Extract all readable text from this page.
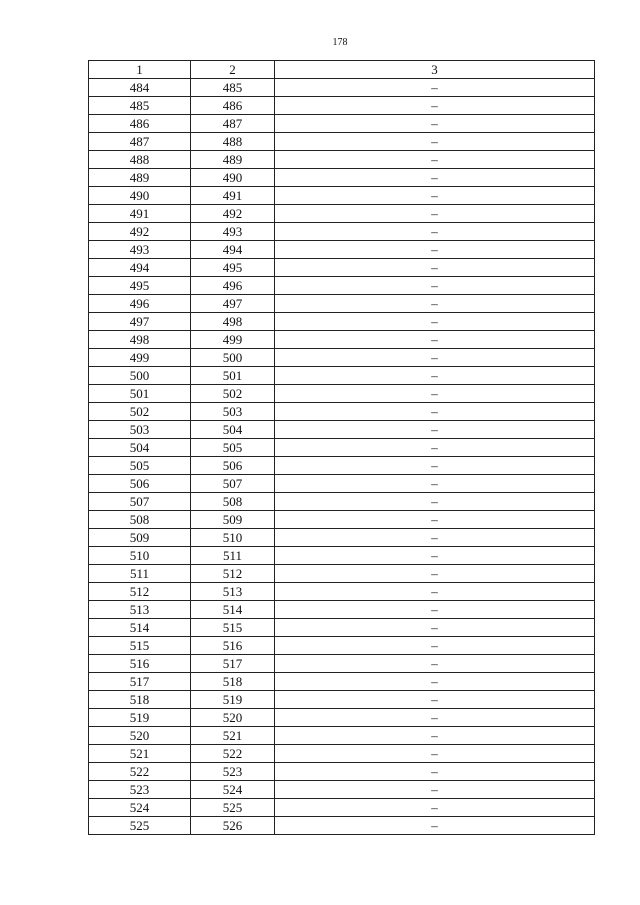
178
1	2	3
484	485	–
485	486	–
486	487	–
487	488	–
488	489	–
489	490	–
490	491	–
491	492	–
492	493	–
493	494	–
494	495	–
495	496	–
496	497	–
497	498	–
498	499	–
499	500	–
500	501	–
501	502	–
502	503	–
503	504	–
504	505	–
505	506	–
506	507	–
507	508	–
508	509	–
509	510	–
510	511	–
511	512	–
512	513	–
513	514	–
514	515	–
515	516	–
516	517	–
517	518	–
518	519	–
519	520	–
520	521	–
521	522	–
522	523	–
523	524	–
524	525	–
525	526	–
